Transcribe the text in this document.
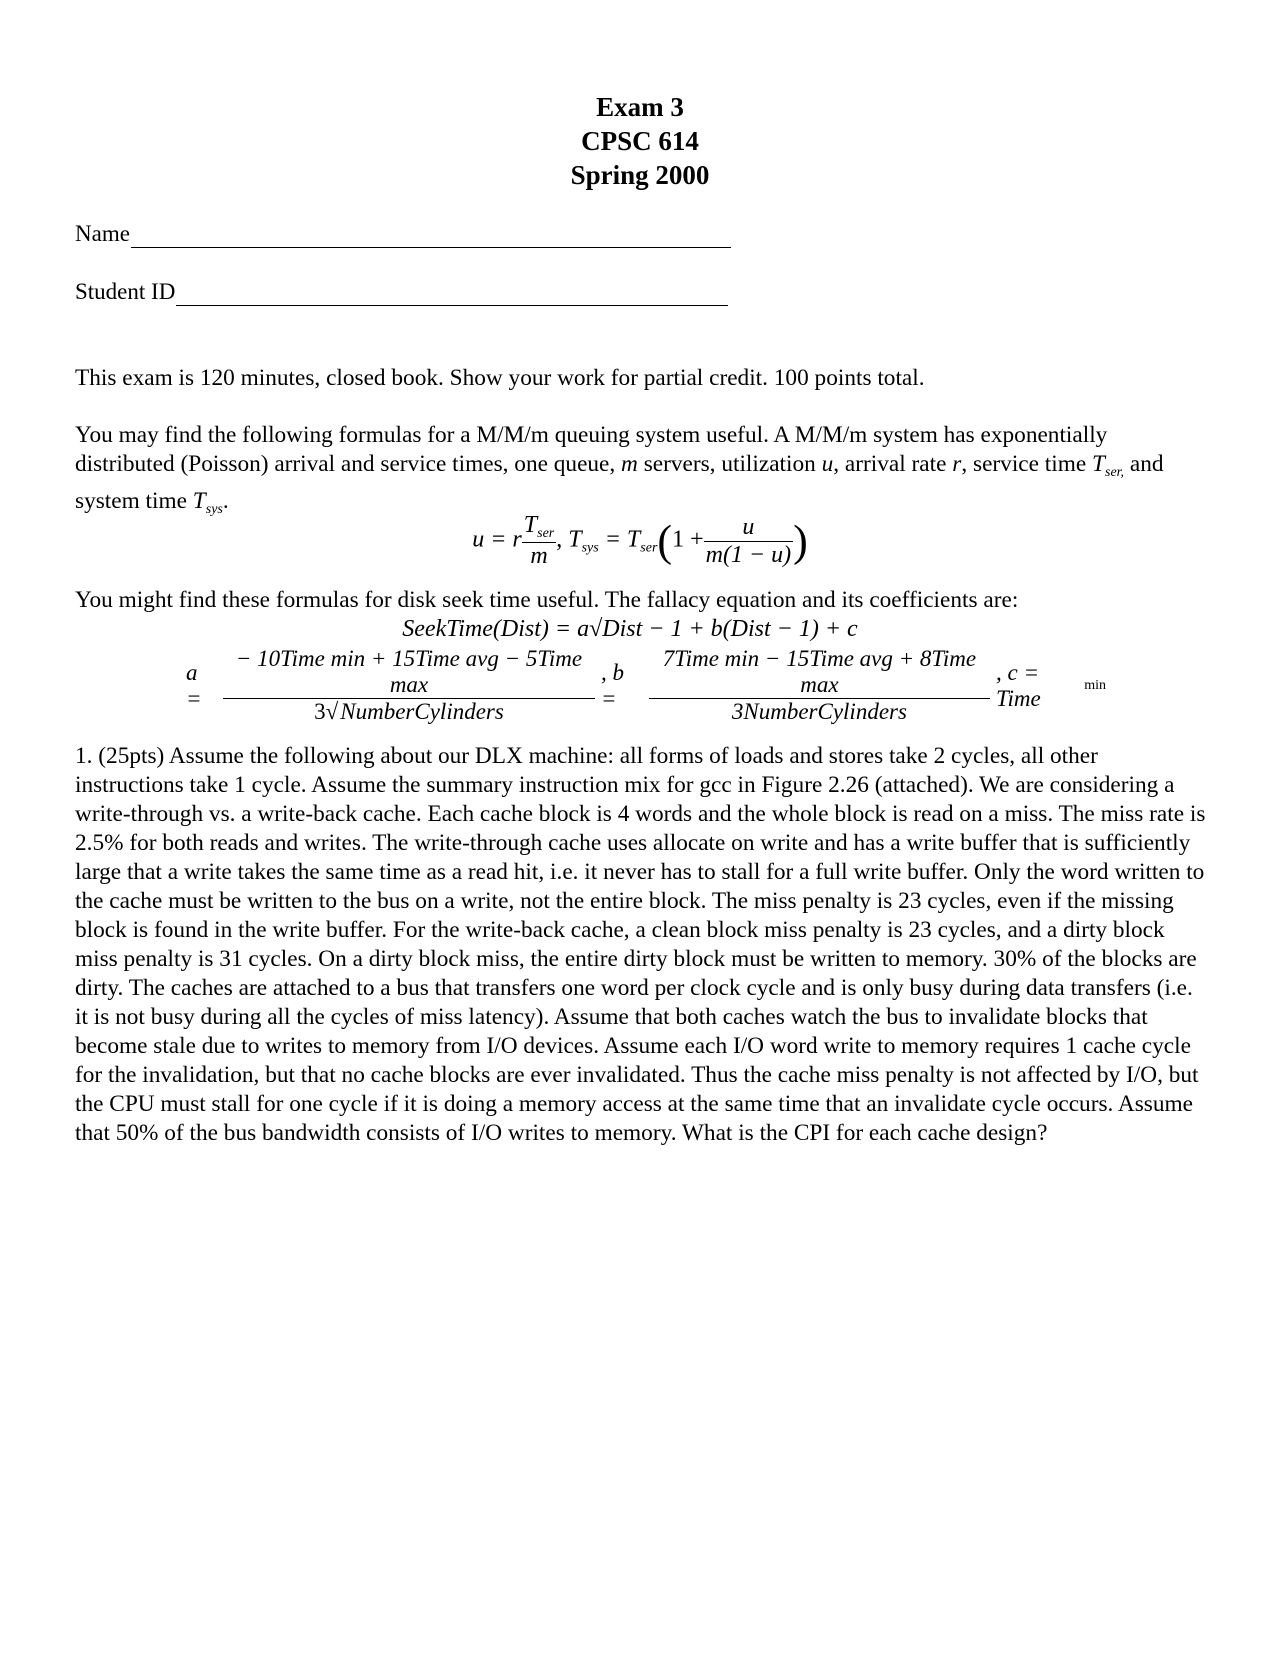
Exam 3
CPSC 614
Spring 2000
Name
Student ID
This exam is 120 minutes, closed book. Show your work for partial credit. 100 points total.
You may find the following formulas for a M/M/m queuing system useful. A M/M/m system has exponentially distributed (Poisson) arrival and service times, one queue, m servers, utilization u, arrival rate r, service time $T_{ser,}$ and system time $T_{sys}$.
u = r $\frac{T_{ser}}{m}$ , $T_{sys} = T_{ser}(1 + \frac{u}{m(1 - u)}$ )
You might find these formulas for disk seek time useful. The fallacy equation and its coefficients are:
SeekTime(Dist) = a√Dist − 1 + b(Dist − 1) + c
$a = \frac{\text{− 10Time min + 15Time avg − 5Time max}}{\text{3√NumberCylinders}}$ , b =	$\frac{\text{7Time min − 15Time avg + 8Time max}}{\text{3NumberCylinders}}$ , c = Time
min
1. (25pts) Assume the following about our DLX machine: all forms of loads and stores take 2 cycles, all other instructions take 1 cycle. Assume the summary instruction mix for gcc in Figure 2.26 (attached). We are considering a write-through vs. a write-back cache. Each cache block is 4 words and the whole block is read on a miss. The miss rate is 2.5% for both reads and writes. The write-through cache uses allocate on write and has a write buffer that is sufficiently large that a write takes the same time as a read hit, i.e. it never has to stall for a full write buffer. Only the word written to the cache must be written to the bus on a write, not the entire block. The miss penalty is 23 cycles, even if the missing block is found in the write buffer. For the write-back cache, a clean block miss penalty is 23 cycles, and a dirty block miss penalty is 31 cycles. On a dirty block miss, the entire dirty block must be written to memory. 30% of the blocks are dirty. The caches are attached to a bus that transfers one word per clock cycle and is only busy during data transfers (i.e. it is not busy during all the cycles of miss latency). Assume that both caches watch the bus to invalidate blocks that become stale due to writes to memory from I/O devices. Assume each I/O word write to memory requires 1 cache cycle for the invalidation, but that no cache blocks are ever invalidated. Thus the cache miss penalty is not affected by I/O, but the CPU must stall for one cycle if it is doing a memory access at the same time that an invalidate cycle occurs. Assume that 50% of the bus bandwidth consists of I/O writes to memory. What is the CPI for each cache design?
